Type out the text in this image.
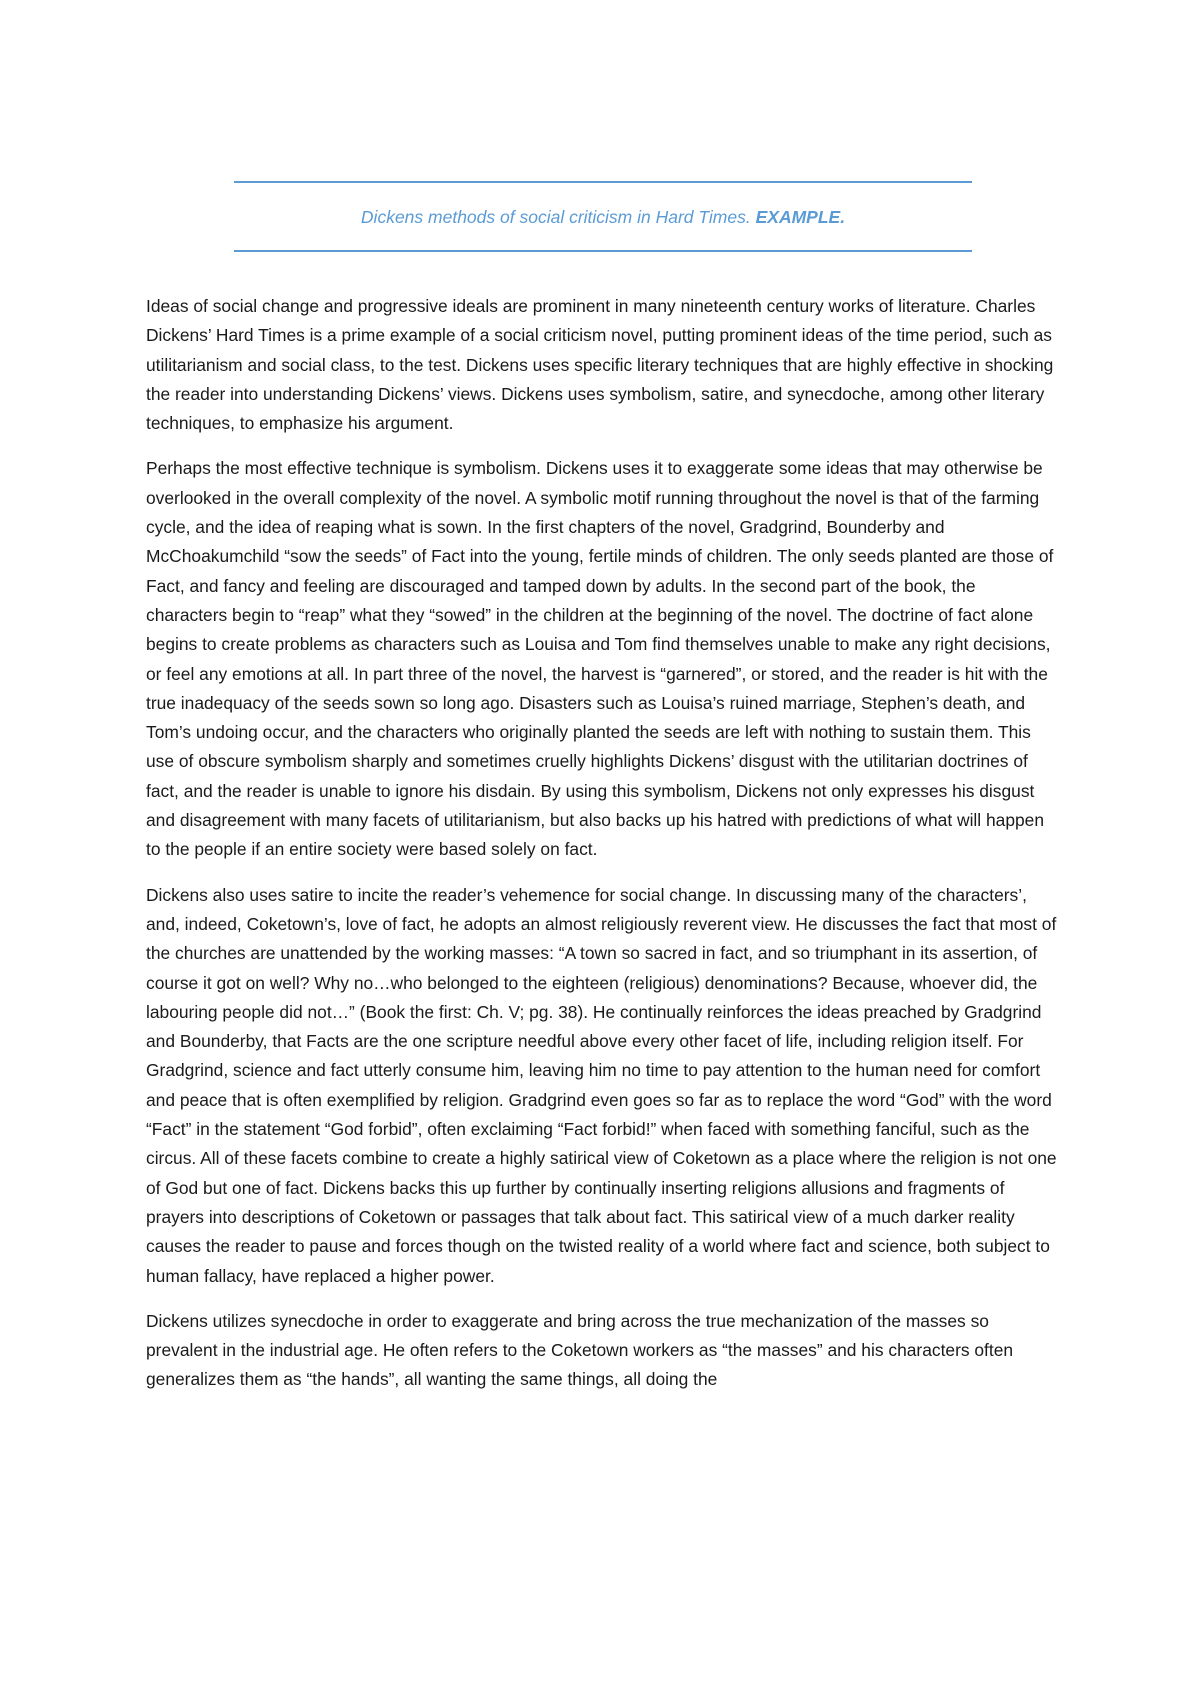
Dickens methods of social criticism in Hard Times. EXAMPLE.

Ideas of social change and progressive ideals are prominent in many nineteenth century works of literature. Charles Dickens’ Hard Times is a prime example of a social criticism novel, putting prominent ideas of the time period, such as utilitarianism and social class, to the test. Dickens uses specific literary techniques that are highly effective in shocking the reader into understanding Dickens’ views. Dickens uses symbolism, satire, and synecdoche, among other literary techniques, to emphasize his argument.

Perhaps the most effective technique is symbolism. Dickens uses it to exaggerate some ideas that may otherwise be overlooked in the overall complexity of the novel. A symbolic motif running throughout the novel is that of the farming cycle, and the idea of reaping what is sown. In the first chapters of the novel, Gradgrind, Bounderby and McChoakumchild “sow the seeds” of Fact into the young, fertile minds of children. The only seeds planted are those of Fact, and fancy and feeling are discouraged and tamped down by adults. In the second part of the book, the characters begin to “reap” what they “sowed” in the children at the beginning of the novel. The doctrine of fact alone begins to create problems as characters such as Louisa and Tom find themselves unable to make any right decisions, or feel any emotions at all. In part three of the novel, the harvest is “garnered”, or stored, and the reader is hit with the true inadequacy of the seeds sown so long ago. Disasters such as Louisa’s ruined marriage, Stephen’s death, and Tom’s undoing occur, and the characters who originally planted the seeds are left with nothing to sustain them. This use of obscure symbolism sharply and sometimes cruelly highlights Dickens’ disgust with the utilitarian doctrines of fact, and the reader is unable to ignore his disdain. By using this symbolism, Dickens not only expresses his disgust and disagreement with many facets of utilitarianism, but also backs up his hatred with predictions of what will happen to the people if an entire society were based solely on fact.

Dickens also uses satire to incite the reader’s vehemence for social change. In discussing many of the characters’, and, indeed, Coketown’s, love of fact, he adopts an almost religiously reverent view. He discusses the fact that most of the churches are unattended by the working masses: “A town so sacred in fact, and so triumphant in its assertion, of course it got on well? Why no…who belonged to the eighteen (religious) denominations? Because, whoever did, the labouring people did not…” (Book the first: Ch. V; pg. 38). He continually reinforces the ideas preached by Gradgrind and Bounderby, that Facts are the one scripture needful above every other facet of life, including religion itself. For Gradgrind, science and fact utterly consume him, leaving him no time to pay attention to the human need for comfort and peace that is often exemplified by religion. Gradgrind even goes so far as to replace the word “God” with the word “Fact” in the statement “God forbid”, often exclaiming “Fact forbid!” when faced with something fanciful, such as the circus. All of these facets combine to create a highly satirical view of Coketown as a place where the religion is not one of God but one of fact. Dickens backs this up further by continually inserting religions allusions and fragments of prayers into descriptions of Coketown or passages that talk about fact. This satirical view of a much darker reality causes the reader to pause and forces though on the twisted reality of a world where fact and science, both subject to human fallacy, have replaced a higher power.

Dickens utilizes synecdoche in order to exaggerate and bring across the true mechanization of the masses so prevalent in the industrial age. He often refers to the Coketown workers as “the masses” and his characters often generalizes them as “the hands”, all wanting the same things, all doing the
